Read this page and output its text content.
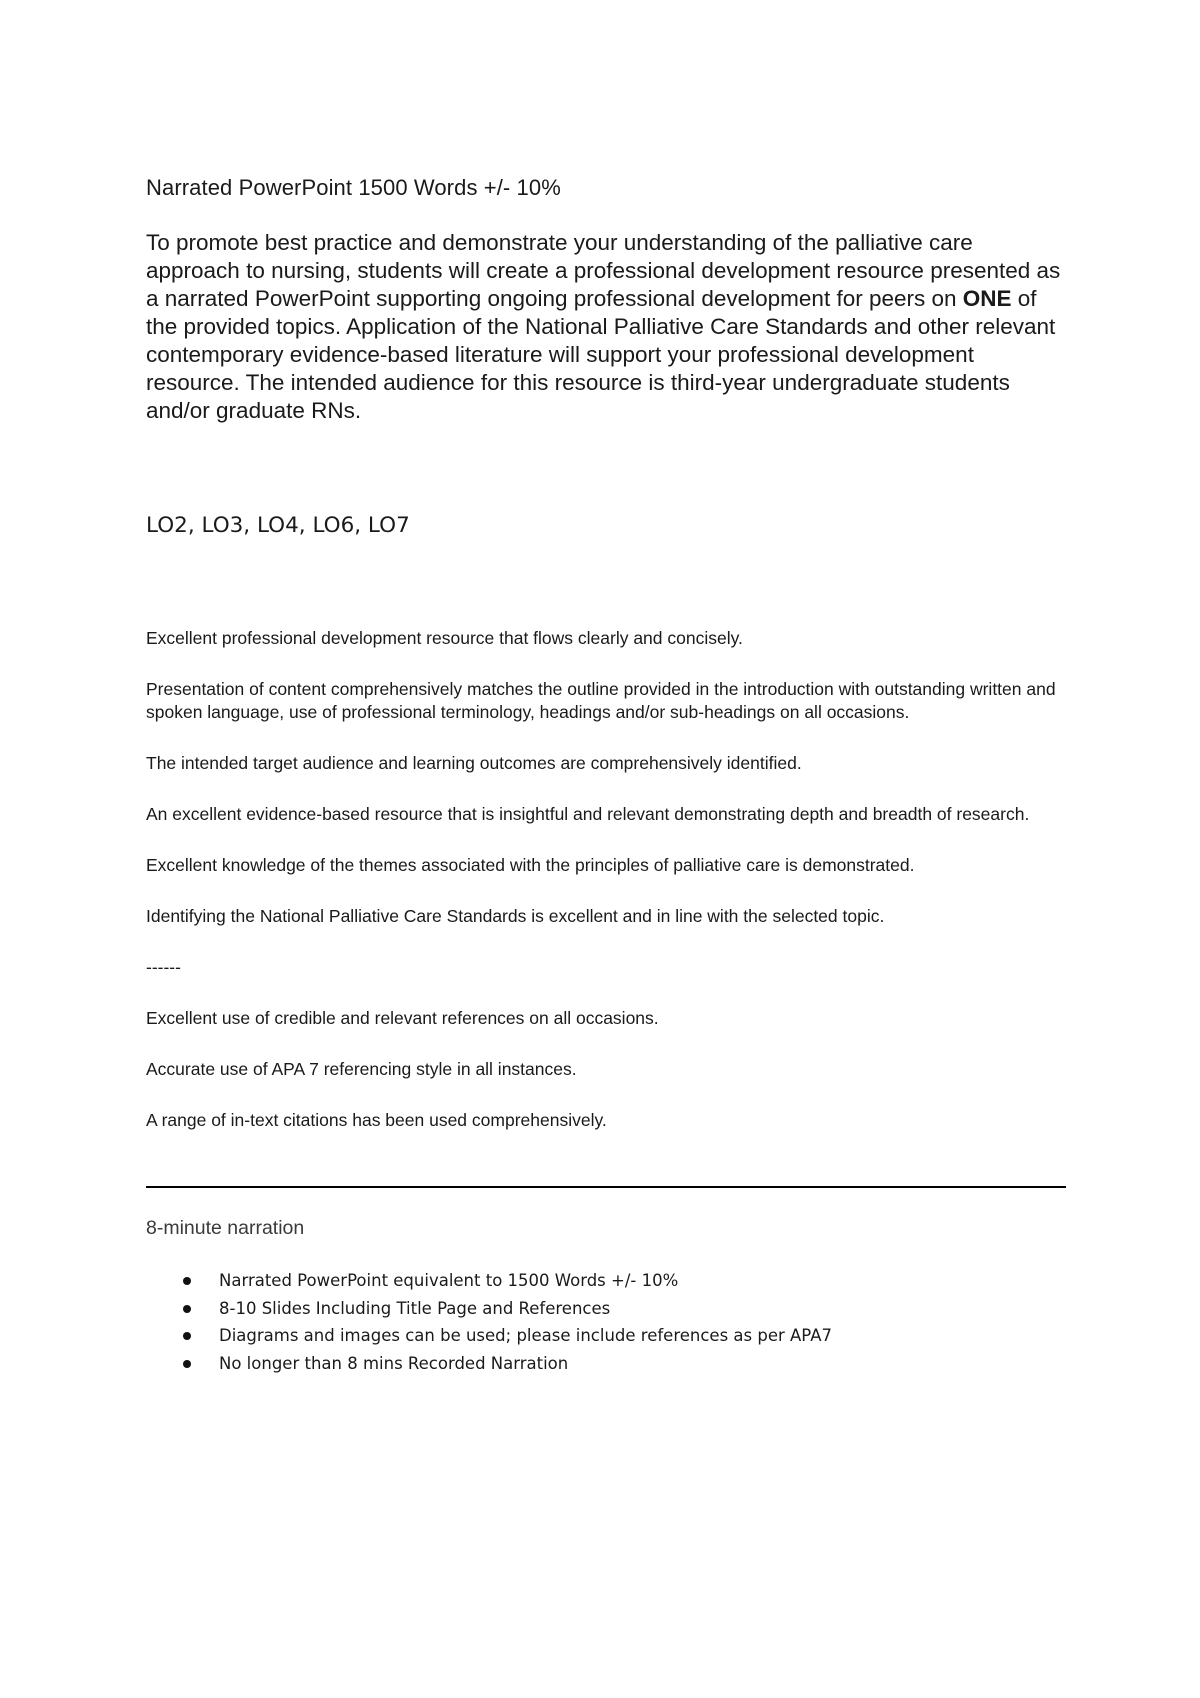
Narrated PowerPoint 1500 Words +/- 10%

To promote best practice and demonstrate your understanding of the palliative care approach to nursing, students will create a professional development resource presented as a narrated PowerPoint supporting ongoing professional development for peers on ONE of the provided topics. Application of the National Palliative Care Standards and other relevant contemporary evidence-based literature will support your professional development resource. The intended audience for this resource is third-year undergraduate students and/or graduate RNs.

LO2, LO3, LO4, LO6, LO7

Excellent professional development resource that flows clearly and concisely.

Presentation of content comprehensively matches the outline provided in the introduction with outstanding written and spoken language, use of professional terminology, headings and/or sub-headings on all occasions.

The intended target audience and learning outcomes are comprehensively identified.

An excellent evidence-based resource that is insightful and relevant demonstrating depth and breadth of research.

Excellent knowledge of the themes associated with the principles of palliative care is demonstrated.

Identifying the National Palliative Care Standards is excellent and in line with the selected topic.

------

Excellent use of credible and relevant references on all occasions.

Accurate use of APA 7 referencing style in all instances.

A range of in-text citations has been used comprehensively.

8-minute narration

Narrated PowerPoint equivalent to 1500 Words +/- 10%
8-10 Slides Including Title Page and References
Diagrams and images can be used; please include references as per APA7
No longer than 8 mins Recorded Narration
